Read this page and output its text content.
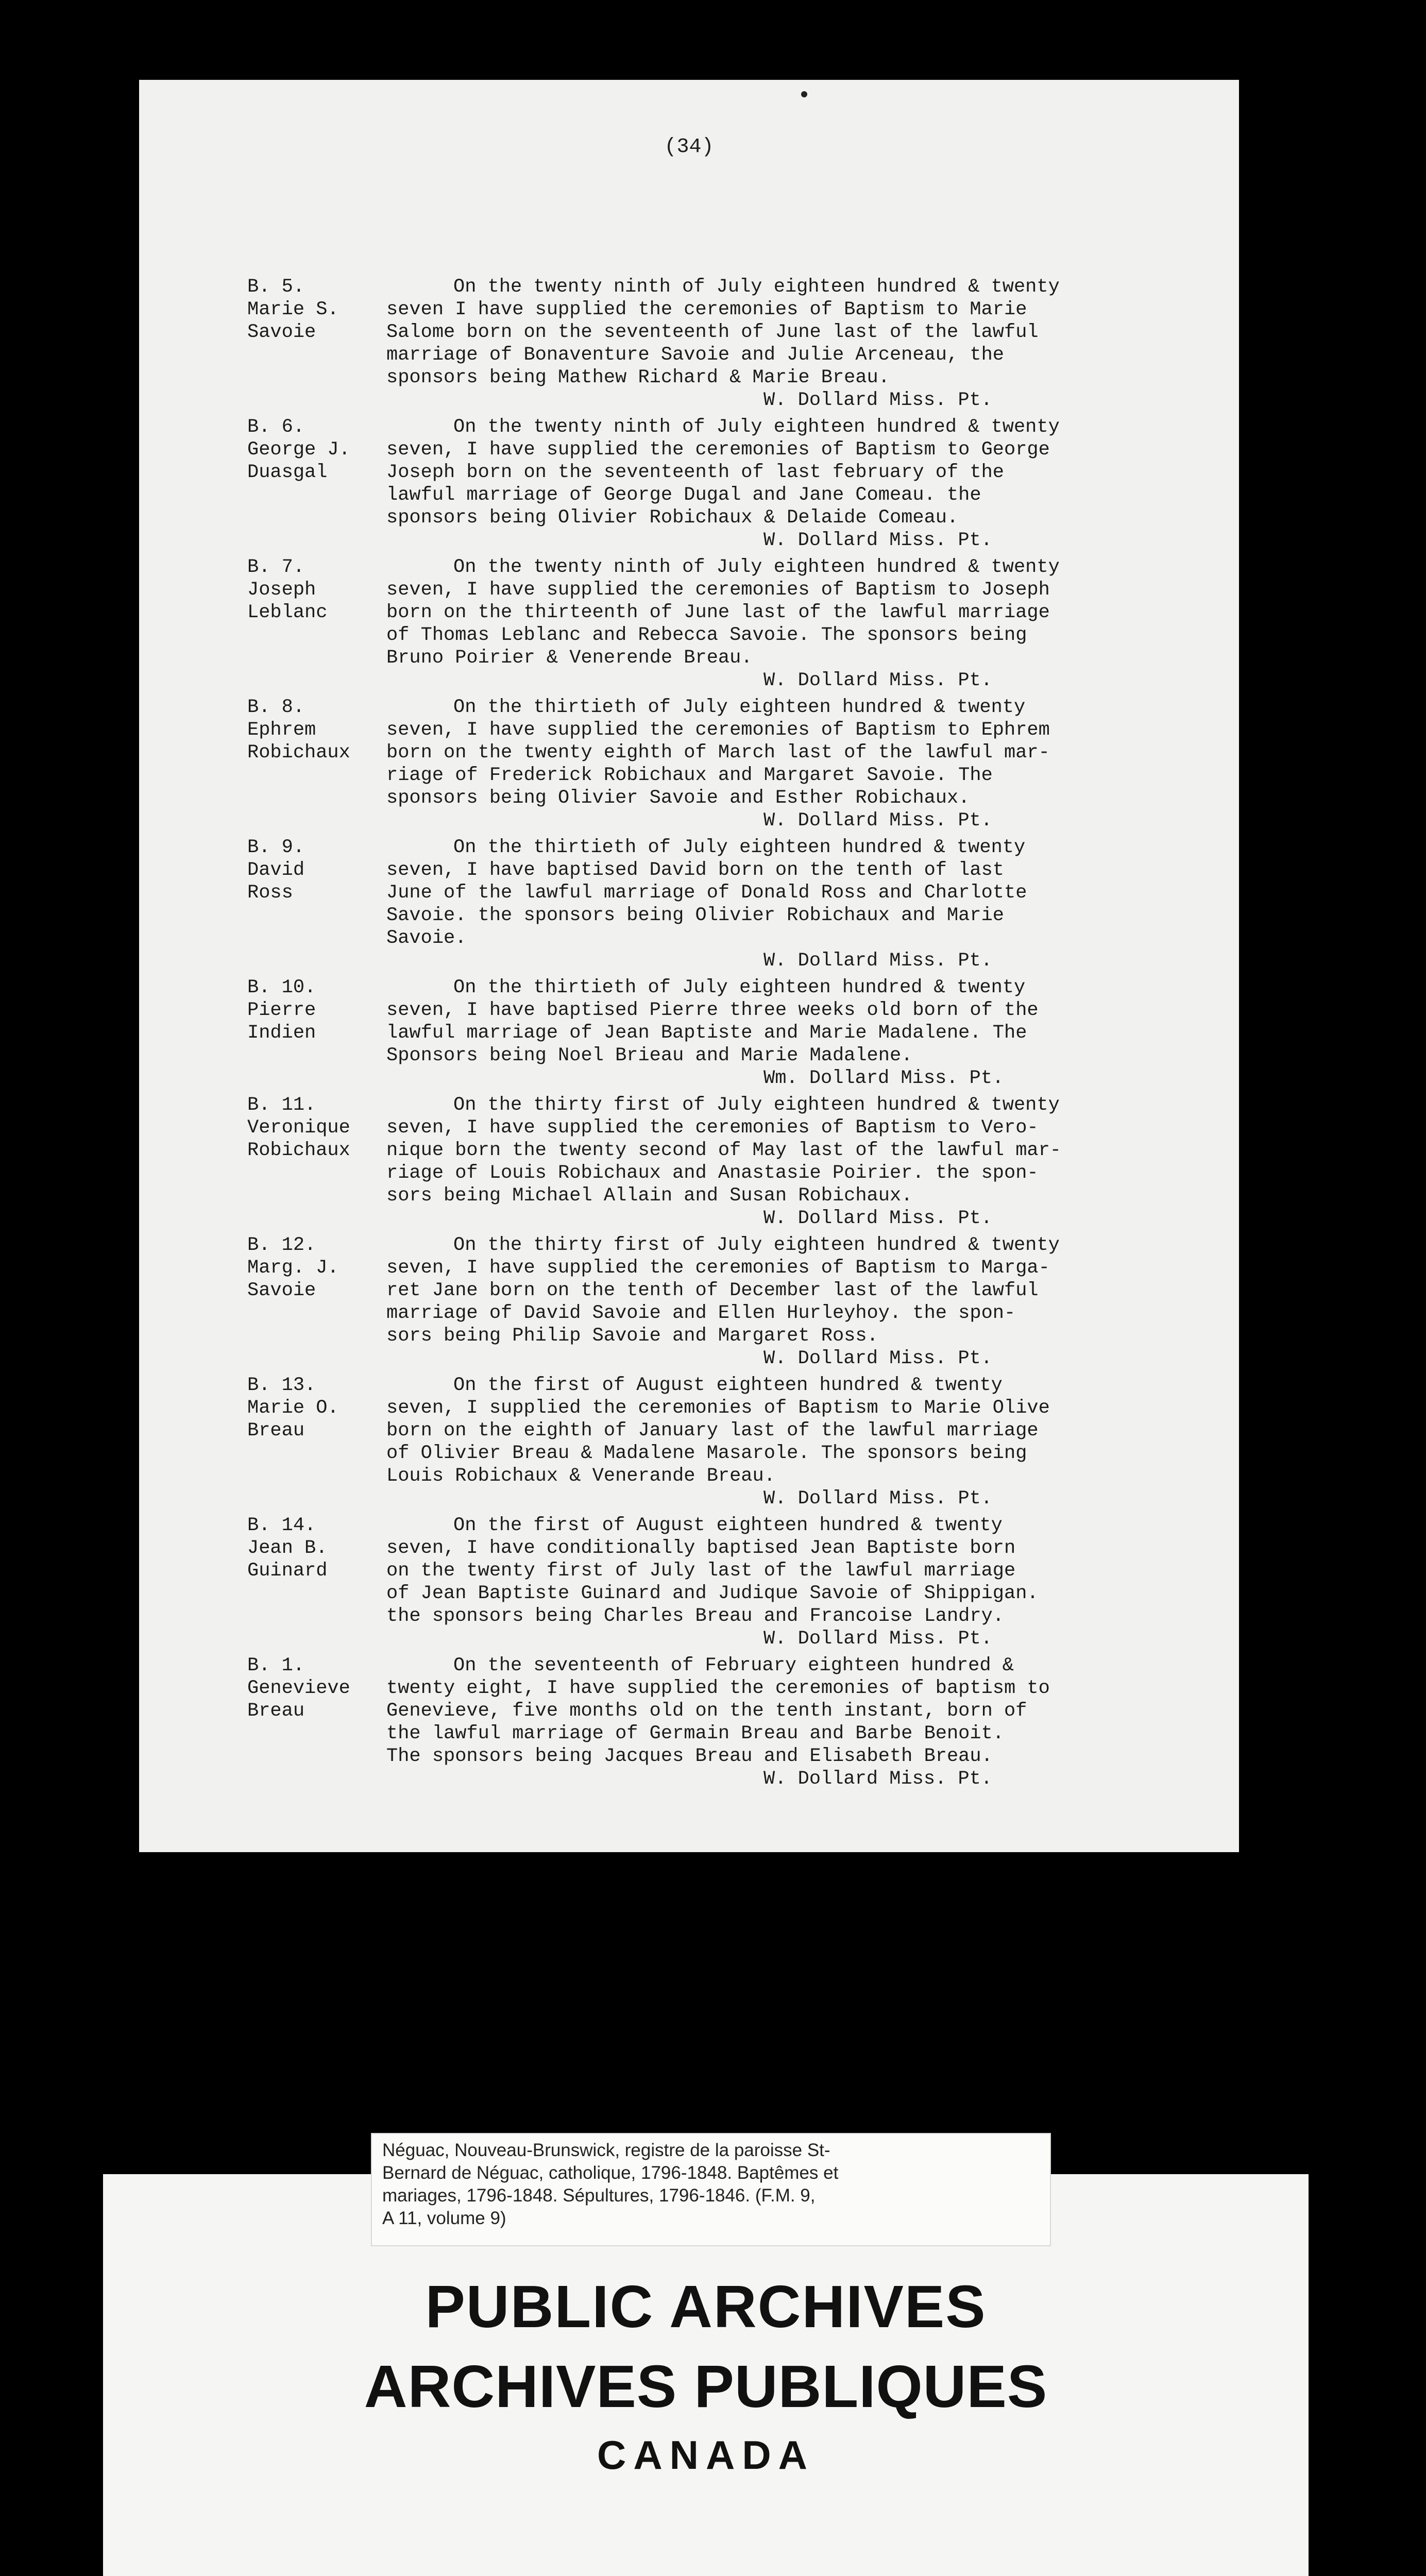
(34)
B. 5.
Marie S.
Savoie
On the twenty ninth of July eighteen hundred & twenty
seven I have supplied the ceremonies of Baptism to Marie
Salome born on the seventeenth of June last of the lawful
marriage of Bonaventure Savoie and Julie Arceneau, the
sponsors being Mathew Richard & Marie Breau.
W. Dollard Miss. Pt.
B. 6.
George J.
Duasgal
On the twenty ninth of July eighteen hundred & twenty
seven, I have supplied the ceremonies of Baptism to George
Joseph born on the seventeenth of last february of the
lawful marriage of George Dugal and Jane Comeau. the
sponsors being Olivier Robichaux & Delaide Comeau.
W. Dollard Miss. Pt.
B. 7.
Joseph
Leblanc
On the twenty ninth of July eighteen hundred & twenty
seven, I have supplied the ceremonies of Baptism to Joseph
born on the thirteenth of June last of the lawful marriage
of Thomas Leblanc and Rebecca Savoie. The sponsors being
Bruno Poirier & Venerende Breau.
W. Dollard Miss. Pt.
B. 8.
Ephrem
Robichaux
On the thirtieth of July eighteen hundred & twenty
seven, I have supplied the ceremonies of Baptism to Ephrem
born on the twenty eighth of March last of the lawful mar-
riage of Frederick Robichaux and Margaret Savoie. The
sponsors being Olivier Savoie and Esther Robichaux.
W. Dollard Miss. Pt.
B. 9.
David
Ross
On the thirtieth of July eighteen hundred & twenty
seven, I have baptised David born on the tenth of last
June of the lawful marriage of Donald Ross and Charlotte
Savoie. the sponsors being Olivier Robichaux and Marie
Savoie.
W. Dollard Miss. Pt.
B. 10.
Pierre
Indien
On the thirtieth of July eighteen hundred & twenty
seven, I have baptised Pierre three weeks old born of the
lawful marriage of Jean Baptiste and Marie Madalene. The
Sponsors being Noel Brieau and Marie Madalene.
Wm. Dollard Miss. Pt.
B. 11.
Veronique
Robichaux
On the thirty first of July eighteen hundred & twenty
seven, I have supplied the ceremonies of Baptism to Vero-
nique born the twenty second of May last of the lawful mar-
riage of Louis Robichaux and Anastasie Poirier. the spon-
sors being Michael Allain and Susan Robichaux.
W. Dollard Miss. Pt.
B. 12.
Marg. J.
Savoie
On the thirty first of July eighteen hundred & twenty
seven, I have supplied the ceremonies of Baptism to Marga-
ret Jane born on the tenth of December last of the lawful
marriage of David Savoie and Ellen Hurleyhoy. the spon-
sors being Philip Savoie and Margaret Ross.
W. Dollard Miss. Pt.
B. 13.
Marie O.
Breau
On the first of August eighteen hundred & twenty
seven, I supplied the ceremonies of Baptism to Marie Olive
born on the eighth of January last of the lawful marriage
of Olivier Breau & Madalene Masarole. The sponsors being
Louis Robichaux & Venerande Breau.
W. Dollard Miss. Pt.
B. 14.
Jean B.
Guinard
On the first of August eighteen hundred & twenty
seven, I have conditionally baptised Jean Baptiste born
on the twenty first of July last of the lawful marriage
of Jean Baptiste Guinard and Judique Savoie of Shippigan.
the sponsors being Charles Breau and Francoise Landry.
W. Dollard Miss. Pt.
B. 1.
Genevieve
Breau
On the seventeenth of February eighteen hundred &
twenty eight, I have supplied the ceremonies of baptism to
Genevieve, five months old on the tenth instant, born of
the lawful marriage of Germain Breau and Barbe Benoit.
The sponsors being Jacques Breau and Elisabeth Breau.
W. Dollard Miss. Pt.
Néguac, Nouveau-Brunswick, registre de la paroisse St-
Bernard de Néguac, catholique, 1796-1848. Baptêmes et
mariages, 1796-1848. Sépultures, 1796-1846. (F.M. 9,
A 11, volume 9)
PUBLIC ARCHIVES
ARCHIVES PUBLIQUES
CANADA
